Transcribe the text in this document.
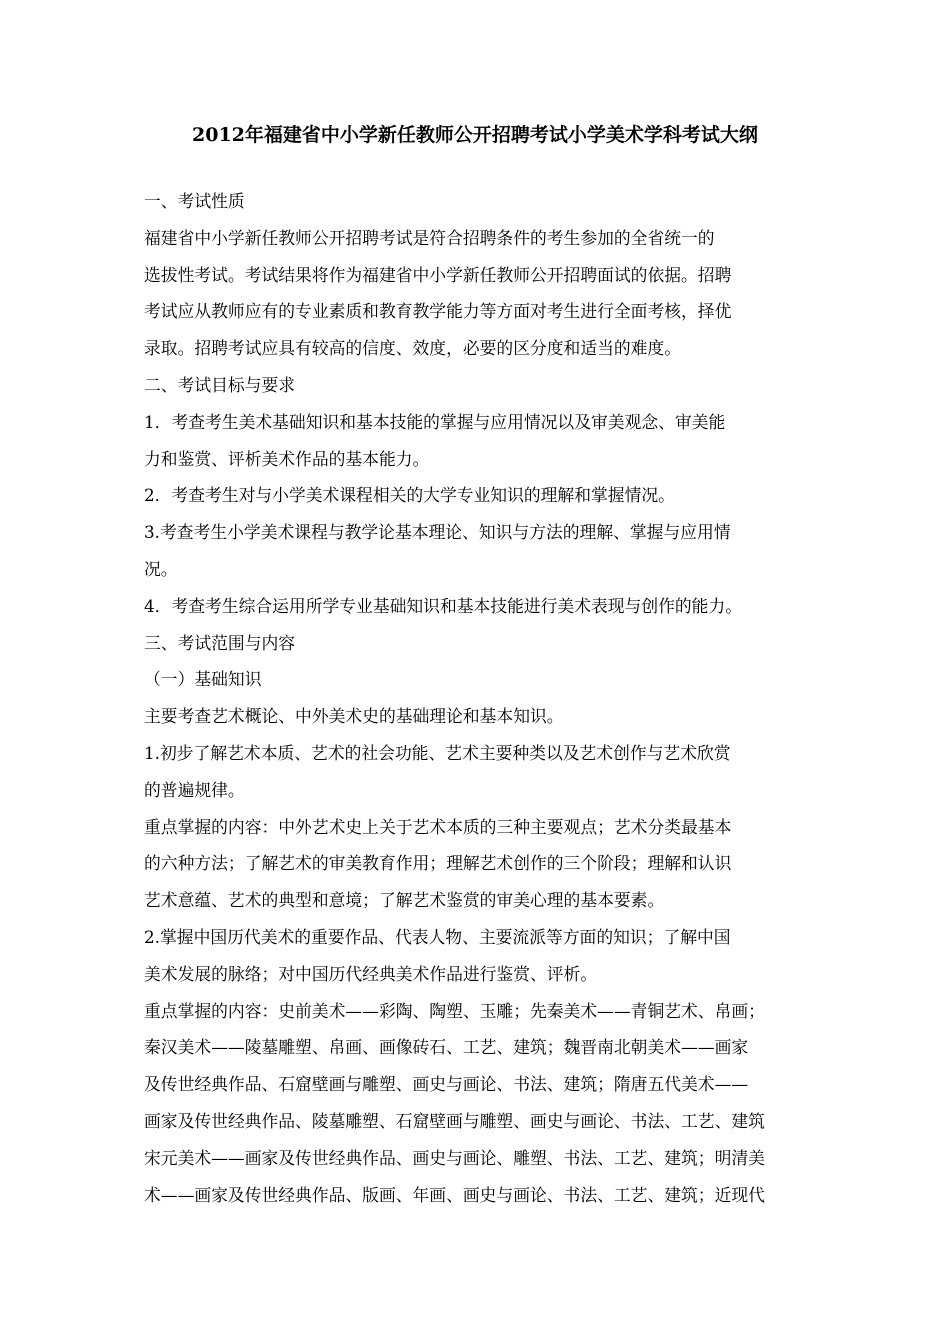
2012年福建省中小学新任教师公开招聘考试小学美术学科考试大纲
一、考试性质
福建省中小学新任教师公开招聘考试是符合招聘条件的考生参加的全省统一的
选拔性考试。考试结果将作为福建省中小学新任教师公开招聘面试的依据。招聘
考试应从教师应有的专业素质和教育教学能力等方面对考生进行全面考核，择优
录取。招聘考试应具有较高的信度、效度，必要的区分度和适当的难度。
二、考试目标与要求
1．考查考生美术基础知识和基本技能的掌握与应用情况以及审美观念、审美能
力和鉴赏、评析美术作品的基本能力。
2．考查考生对与小学美术课程相关的大学专业知识的理解和掌握情况。
3.考查考生小学美术课程与教学论基本理论、知识与方法的理解、掌握与应用情
况。
4．考查考生综合运用所学专业基础知识和基本技能进行美术表现与创作的能力。
三、考试范围与内容
（一）基础知识
主要考查艺术概论、中外美术史的基础理论和基本知识。
1.初步了解艺术本质、艺术的社会功能、艺术主要种类以及艺术创作与艺术欣赏
的普遍规律。
重点掌握的内容：中外艺术史上关于艺术本质的三种主要观点；艺术分类最基本
的六种方法；了解艺术的审美教育作用；理解艺术创作的三个阶段；理解和认识
艺术意蕴、艺术的典型和意境；了解艺术鉴赏的审美心理的基本要素。
2.掌握中国历代美术的重要作品、代表人物、主要流派等方面的知识；了解中国
美术发展的脉络；对中国历代经典美术作品进行鉴赏、评析。
重点掌握的内容：史前美术——彩陶、陶塑、玉雕；先秦美术——青铜艺术、帛画；
秦汉美术——陵墓雕塑、帛画、画像砖石、工艺、建筑；魏晋南北朝美术——画家
及传世经典作品、石窟壁画与雕塑、画史与画论、书法、建筑；隋唐五代美术——
画家及传世经典作品、陵墓雕塑、石窟壁画与雕塑、画史与画论、书法、工艺、建筑
宋元美术——画家及传世经典作品、画史与画论、雕塑、书法、工艺、建筑；明清美
术——画家及传世经典作品、版画、年画、画史与画论、书法、工艺、建筑；近现代
